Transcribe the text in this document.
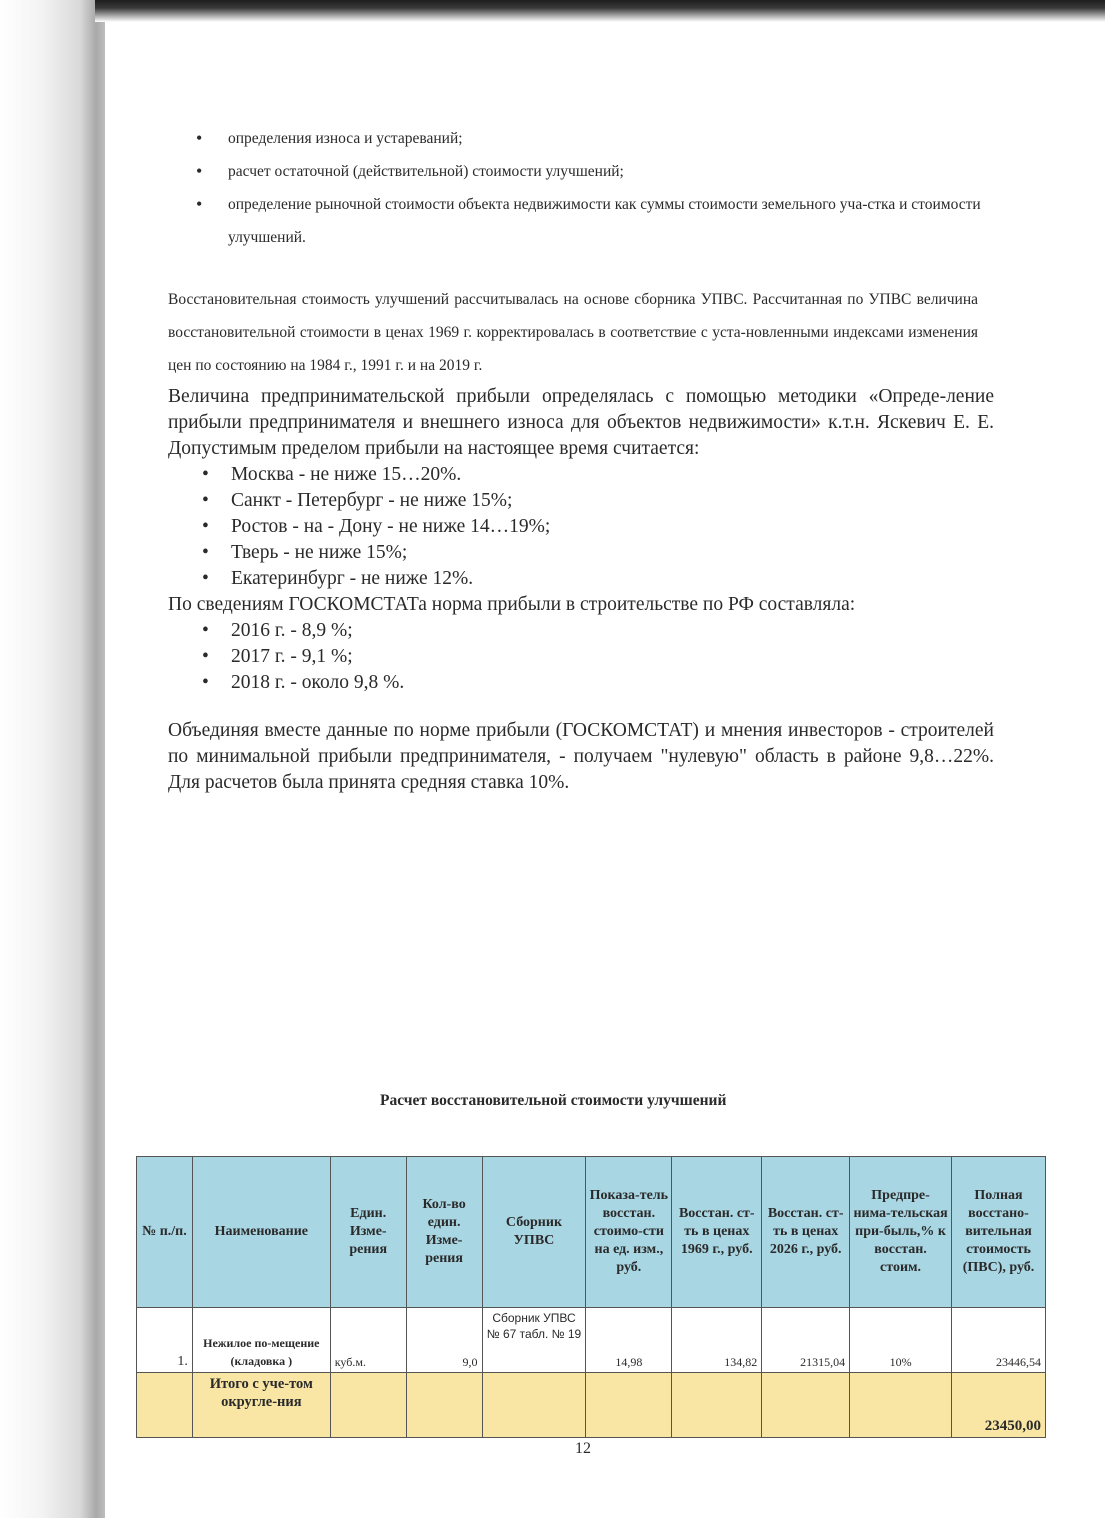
• определения износа и устареваний;
• расчет остаточной (действительной) стоимости улучшений;
• определение рыночной стоимости объекта недвижимости как суммы стоимости земельного уча-стка и стоимости улучшений.

Восстановительная стоимость улучшений рассчитывалась на основе сборника УПВС. Рассчитанная по УПВС величина восстановительной стоимости в ценах 1969 г. корректировалась в соответствие с уста-новленными индексами изменения цен по состоянию на 1984 г., 1991 г. и на 2019 г.

Величина предпринимательской прибыли определялась с помощью методики «Опреде-ление прибыли предпринимателя и внешнего износа для объектов недвижимости» к.т.н. Яскевич Е. Е. Допустимым пределом прибыли на настоящее время считается:

• Москва - не ниже 15…20%.
• Санкт - Петербург - не ниже 15%;
• Ростов - на - Дону - не ниже 14…19%;
• Тверь - не ниже 15%;
• Екатеринбург - не ниже 12%.

По сведениям ГОСКОМСТАТа норма прибыли в строительстве по РФ составляла:

• 2016 г. - 8,9 %;
• 2017 г. - 9,1 %;
• 2018 г. - около 9,8 %.

Объединяя вместе данные по норме прибыли (ГОСКОМСТАТ) и мнения инвесторов - строителей по минимальной прибыли предпринимателя, - получаем "нулевую" область в районе 9,8…22%. Для расчетов была принята средняя ставка 10%.

Расчет восстановительной стоимости улучшений
№ п./п.	Наименование	Един. Изме-рения	Кол-во един. Изме-рения	Сборник УПВС	Показа-тель восстан. стоимо-сти на ед. изм., руб.	Восстан. ст-ть в ценах 1969 г., руб.	Восстан. ст-ть в ценах 2026 г., руб.	Предпре-нима-тельская при-быль,% к восстан. стоим.	Полная восстано-вительная стоимость (ПВС), руб.
1.	Нежилое по-мещение (кладовка )	куб.м.	9,0	Сборник УПВС № 67 табл. № 19	14,98	134,82	21315,04	10%	23446,54
	Итого с уче-том округле-ния								23450,00
12
